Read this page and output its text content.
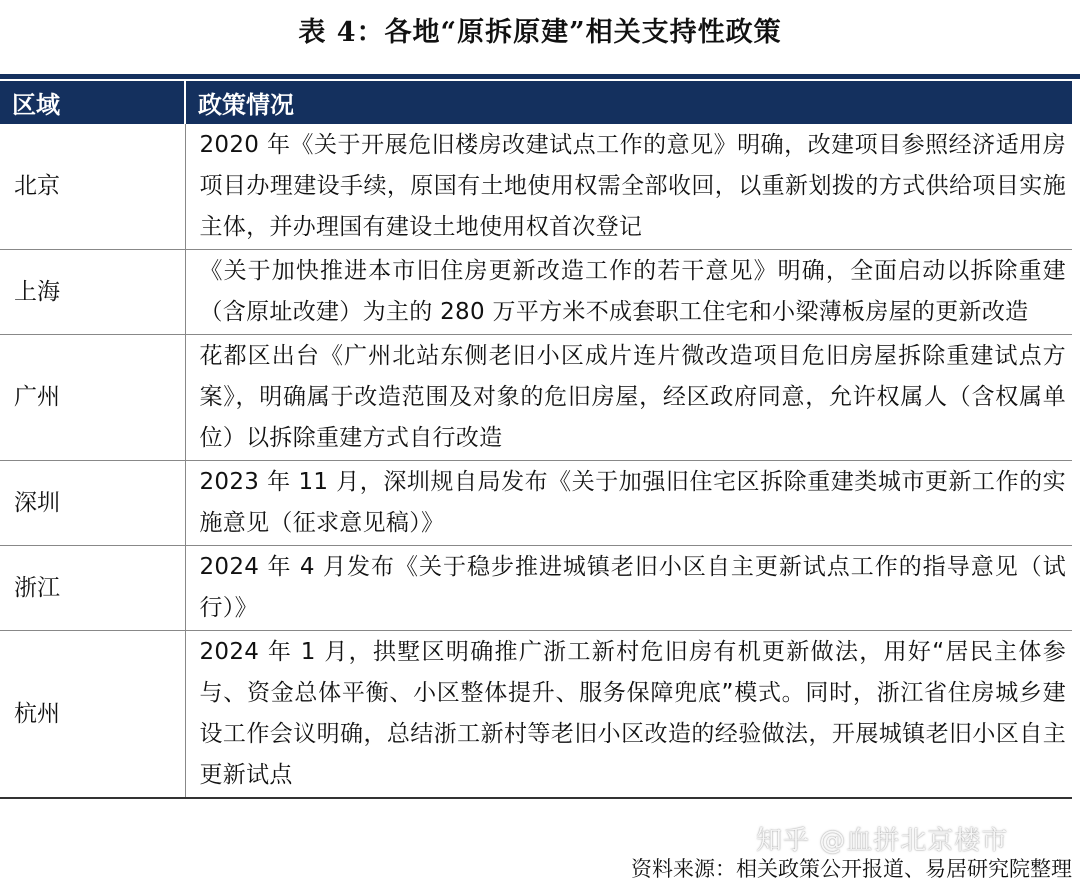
表 4：各地“原拆原建”相关支持性政策
区域	政策情况
北京	2020 年《关于开展危旧楼房改建试点工作的意见》明确，改建项目参照经济适用房项目办理建设手续，原国有土地使用权需全部收回，以重新划拨的方式供给项目实施主体，并办理国有建设土地使用权首次登记
上海	《关于加快推进本市旧住房更新改造工作的若干意见》明确，全面启动以拆除重建（含原址改建）为主的 280 万平方米不成套职工住宅和小梁薄板房屋的更新改造
广州	花都区出台《广州北站东侧老旧小区成片连片微改造项目危旧房屋拆除重建试点方案》，明确属于改造范围及对象的危旧房屋，经区政府同意，允许权属人（含权属单位）以拆除重建方式自行改造
深圳	2023 年 11 月，深圳规自局发布《关于加强旧住宅区拆除重建类城市更新工作的实施意见（征求意见稿）》
浙江	2024 年 4 月发布《关于稳步推进城镇老旧小区自主更新试点工作的指导意见（试行）》
杭州	2024 年 1 月，拱墅区明确推广浙工新村危旧房有机更新做法，用好“居民主体参与、资金总体平衡、小区整体提升、服务保障兜底”模式。同时，浙江省住房城乡建设工作会议明确，总结浙工新村等老旧小区改造的经验做法，开展城镇老旧小区自主更新试点
知乎 @血拼北京楼市
资料来源：相关政策公开报道、易居研究院整理
